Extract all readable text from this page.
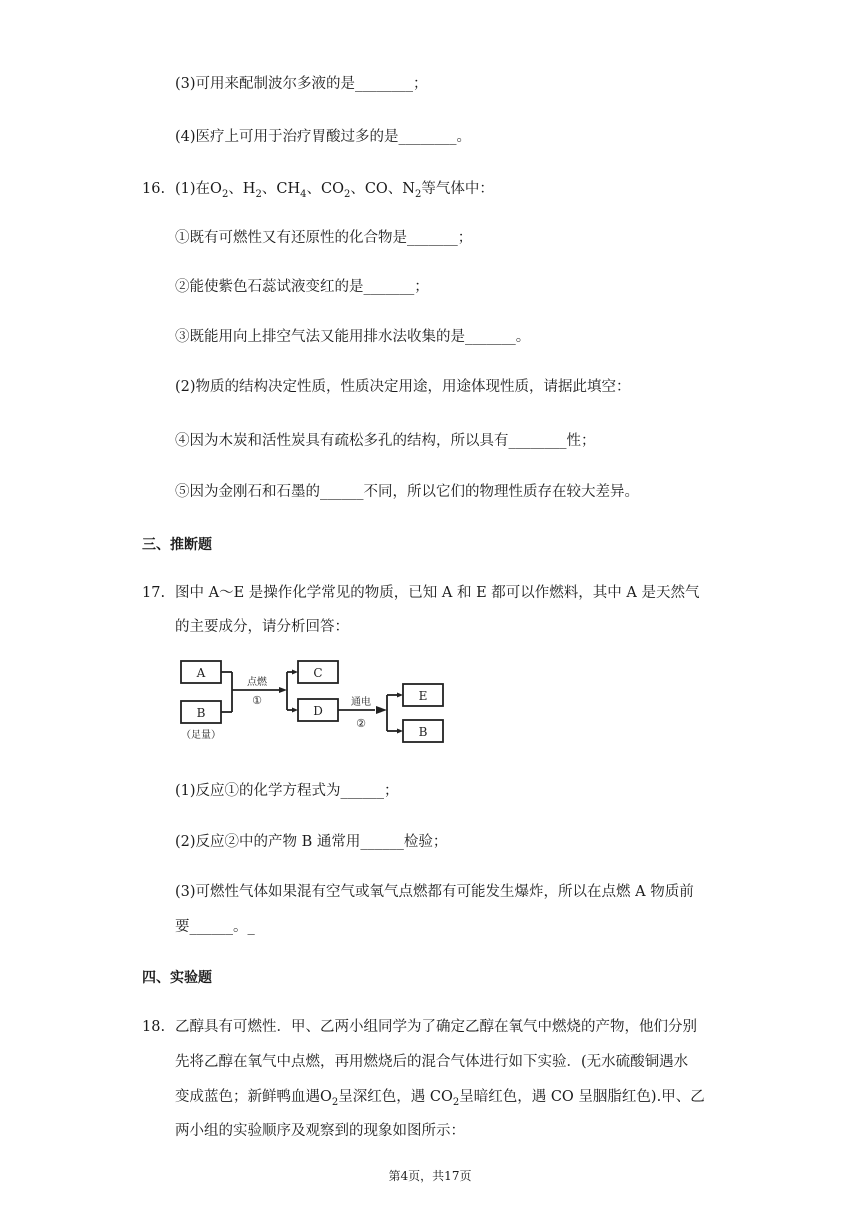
(3)可用来配制波尔多液的是________；
(4)医疗上可用于治疗胃酸过多的是________。
16. (1)在$O_2$、$H_2$、$CH_4$、$CO_2$、CO、$N_2$等气体中：
①既有可燃性又有还原性的化合物是_______；
②能使紫色石蕊试液变红的是_______；
③既能用向上排空气法又能用排水法收集的是_______。
(2)物质的结构决定性质，性质决定用途，用途体现性质，请据此填空：
④因为木炭和活性炭具有疏松多孔的结构，所以具有________性；
⑤因为金刚石和石墨的______不同，所以它们的物理性质存在较大差异。
三、推断题
17. 图中 A～E 是操作化学常见的物质，已知 A 和 E 都可以作燃料，其中 A 是天然气
的主要成分，请分析回答：
A
B
（足量）
C
D
E
B
点燃
①	通电
②
(1)反应①的化学方程式为______；
(2)反应②中的产物 B 通常用______检验；
(3)可燃性气体如果混有空气或氧气点燃都有可能发生爆炸，所以在点燃 A 物质前
要______。_
四、实验题
18. 乙醇具有可燃性．甲、乙两小组同学为了确定乙醇在氧气中燃烧的产物，他们分别
先将乙醇在氧气中点燃，再用燃烧后的混合气体进行如下实验．(无水硫酸铜遇水
变成蓝色；新鲜鸭血遇$O_2$呈深红色，遇 $CO_2$呈暗红色，遇 CO 呈胭脂红色).甲、乙
两小组的实验顺序及观察到的现象如图所示：
第4页，共17页
